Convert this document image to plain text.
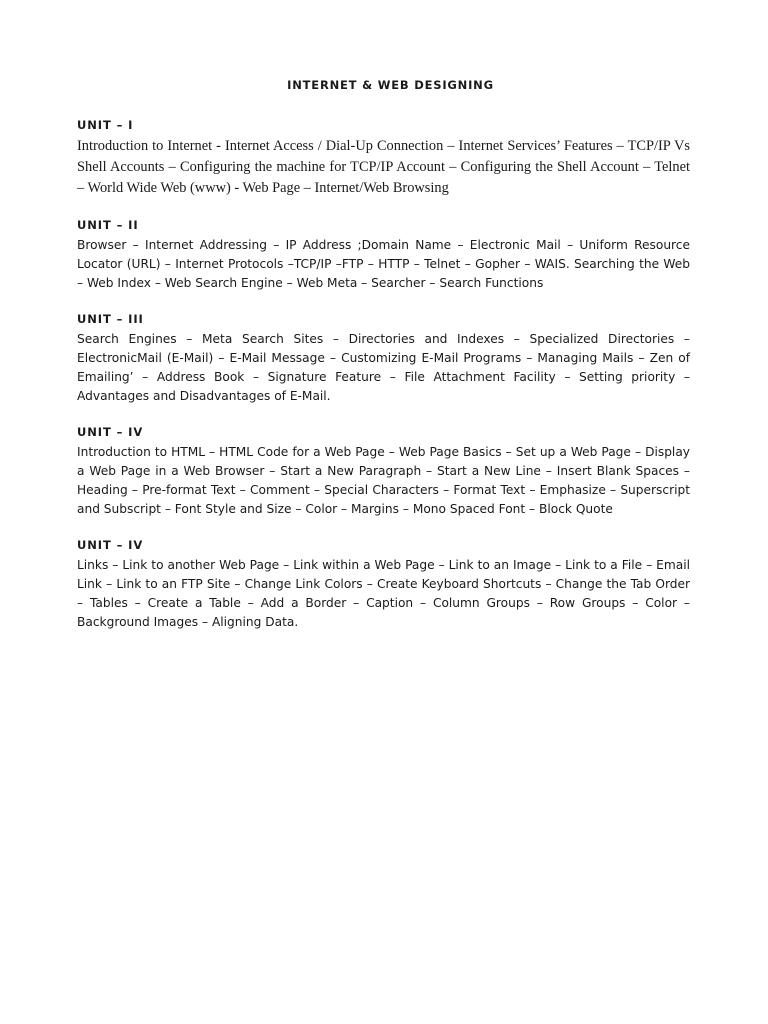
INTERNET & WEB DESIGNING
UNIT – I

Introduction to Internet - Internet Access / Dial-Up Connection – Internet Services’ Features – TCP/IP Vs Shell Accounts – Configuring the machine for TCP/IP Account – Configuring the Shell Account – Telnet – World Wide Web (www) - Web Page – Internet/Web Browsing

UNIT – II

Browser – Internet Addressing – IP Address ;Domain Name – Electronic Mail – Uniform Resource Locator (URL) – Internet Protocols –TCP/IP –FTP – HTTP – Telnet – Gopher – WAIS. Searching the Web – Web Index – Web Search Engine – Web Meta – Searcher – Search Functions

UNIT – III

Search Engines – Meta Search Sites – Directories and Indexes – Specialized Directories – ElectronicMail (E-Mail) – E-Mail Message – Customizing E-Mail Programs – Managing Mails – Zen of Emailing’ – Address Book – Signature Feature – File Attachment Facility – Setting priority – Advantages and Disadvantages of E-Mail.

UNIT – IV

Introduction to HTML – HTML Code for a Web Page – Web Page Basics – Set up a Web Page – Display a Web Page in a Web Browser – Start a New Paragraph – Start a New Line – Insert Blank Spaces – Heading – Pre-format Text – Comment – Special Characters – Format Text – Emphasize – Superscript and Subscript – Font Style and Size – Color – Margins – Mono Spaced Font – Block Quote

UNIT – IV

Links – Link to another Web Page – Link within a Web Page – Link to an Image – Link to a File – Email Link – Link to an FTP Site – Change Link Colors – Create Keyboard Shortcuts – Change the Tab Order – Tables – Create a Table – Add a Border – Caption – Column Groups – Row Groups – Color – Background Images – Aligning Data.
